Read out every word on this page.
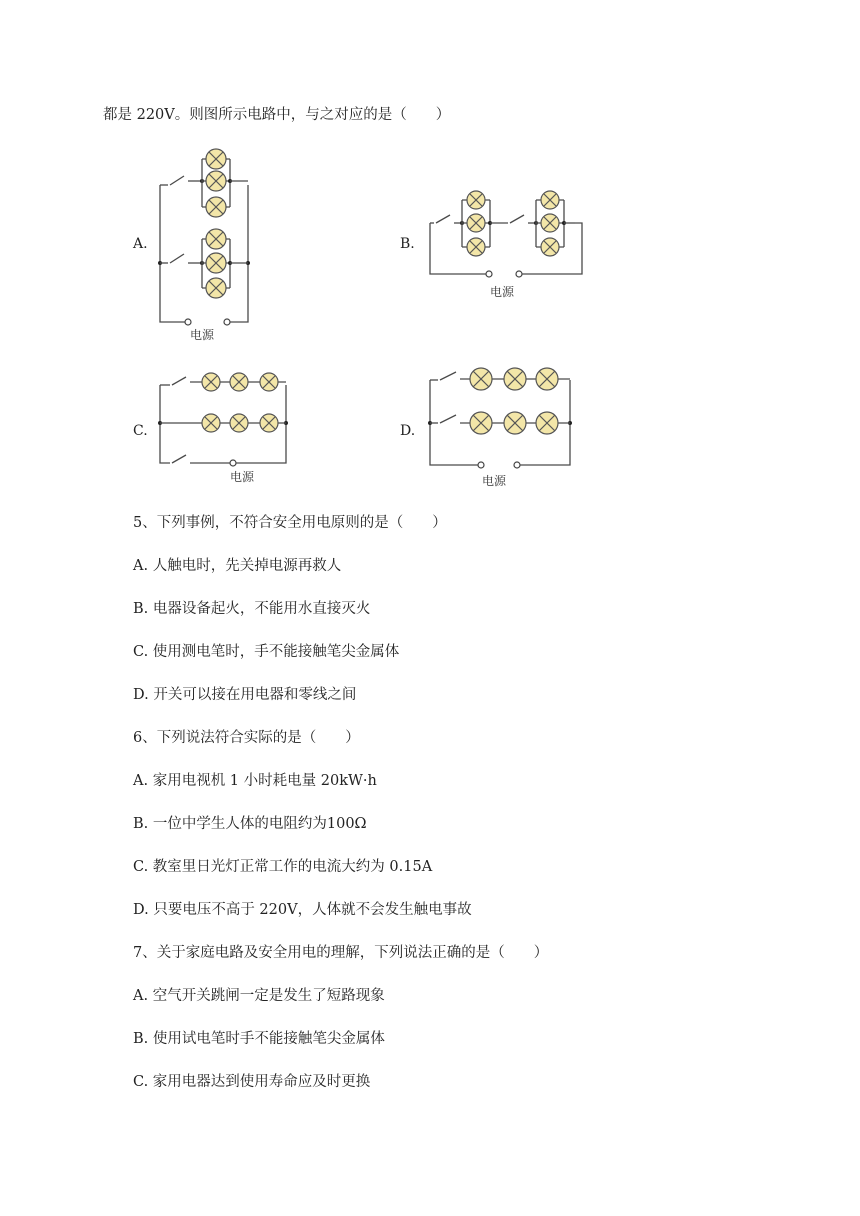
都是 220V。则图所示电路中，与之对应的是（　　）
A.
电源
B.
电源
C.
电源
D.
电源
5、下列事例，不符合安全用电原则的是（　　）
A. 人触电时，先关掉电源再救人
B. 电器设备起火，不能用水直接灭火
C. 使用测电笔时，手不能接触笔尖金属体
D. 开关可以接在用电器和零线之间
6、下列说法符合实际的是（　　）
A. 家用电视机 1 小时耗电量 20kW·h
B. 一位中学生人体的电阻约为100Ω
C. 教室里日光灯正常工作的电流大约为 0.15A
D. 只要电压不高于 220V，人体就不会发生触电事故
7、关于家庭电路及安全用电的理解，下列说法正确的是（　　）
A. 空气开关跳闸一定是发生了短路现象
B. 使用试电笔时手不能接触笔尖金属体
C. 家用电器达到使用寿命应及时更换
